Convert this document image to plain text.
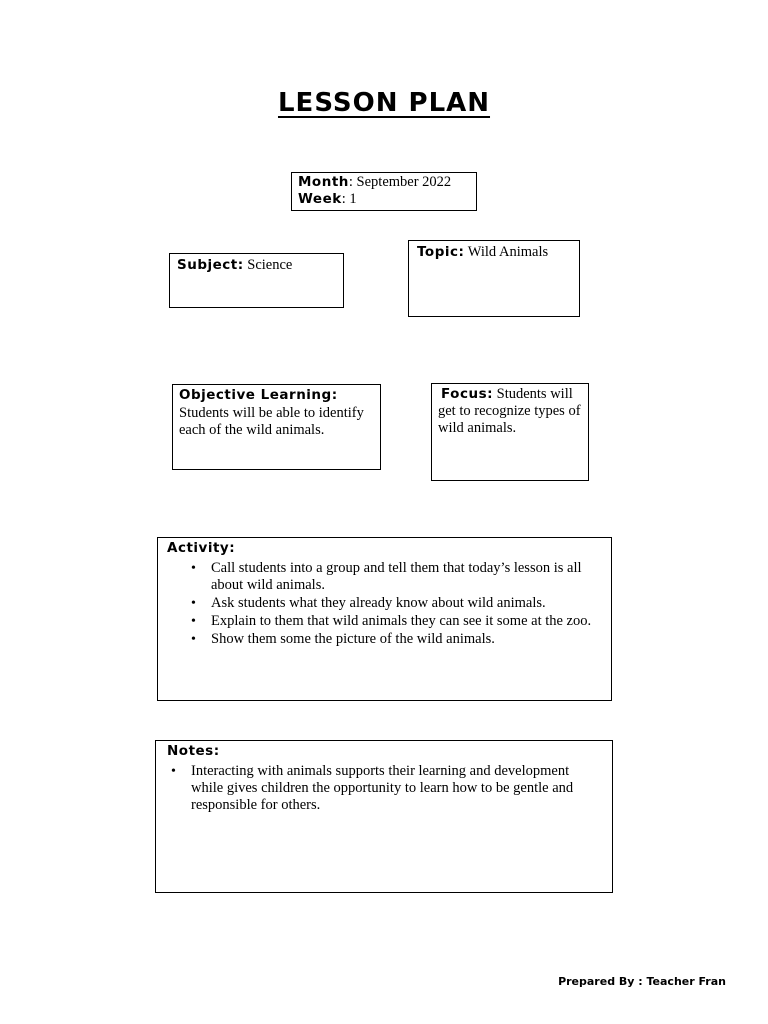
LESSON PLAN
Month: September 2022
Week: 1
Subject: Science
Topic: Wild Animals
Objective Learning:
Students will be able to identify each of the wild animals.
Focus: Students will get to recognize types of wild animals.
Activity:
• Call students into a group and tell them that today’s lesson is all about wild animals.
• Ask students what they already know about wild animals.
• Explain to them that wild animals they can see it some at the zoo.
• Show them some the picture of the wild animals.
Notes:
• Interacting with animals supports their learning and development while gives children the opportunity to learn how to be gentle and responsible for others.
Prepared By : Teacher Fran
